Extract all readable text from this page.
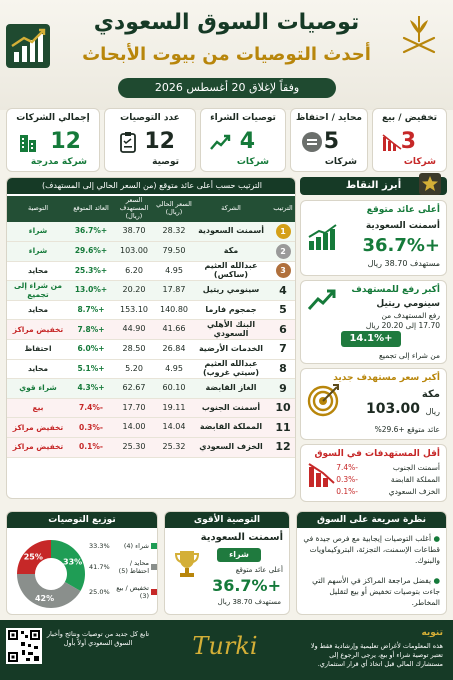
توصيات السوق السعودي
أحدث التوصيات من بيوت الأبحاث
وفقاً لإغلاق 20 أغسطس 2026
تخفيض / بيع
3
شركات
محايد / احتفاظ
5
شركات
توصيات الشراء
4
شركات
عدد التوصيات
12
توصية
إجمالي الشركات
12
شركة مدرجة
الترتيب حسب أعلى عائد متوقع (من السعر الحالي إلى المستهدف)
الترتيب	الشركة	السعر الحالي (ريال)	السعر المستهدف (ريال)	العائد المتوقع	التوصية
1	أسمنت السعودية	28.32	38.70	+36.7%	شراء
2	مكة	79.50	103.00	+29.6%	شراء
3	عبدالله العثيم (ساكس)	4.95	6.20	+25.3%	محايد
4	سينومي ريتيل	17.87	20.20	+13.0%	من شراء إلى تجميع
5	جمجوم فارما	140.80	153.10	+8.7%	محايد
6	البنك الأهلي السعودي	41.66	44.90	+7.8%	تخفيض مراكز
7	الخدمات الأرضية	26.84	28.50	+6.0%	احتفاظ
8	عبدالله العثيم (سيتي غروب)	4.95	5.20	+5.1%	محايد
9	الغاز القابضة	60.10	62.67	+4.3%	شراء قوي
10	أسمنت الجنوب	19.11	17.70	-7.4%	بيع
11	المملكة القابضة	14.04	14.00	-0.3%	تخفيض مراكز
12	الخزف السعودي	25.32	25.30	-0.1%	تخفيض مراكز
أبرز النقاط
أعلى عائد متوقع
أسمنت السعودية
+36.7%
مستهدف 38.70 ريال
أكبر رفع للمستهدف
سينومي ريتيل
رفع المستهدف من
17.70 إلى 20.20 ريال
+14.1%
من شراء إلى تجميع
أكبر سعر مستهدف جديد
مكة
103.00 ريال
عائد متوقع +29.6%
أقل المستهدفات في السوق
أسمنت الجنوب
-7.4%
المملكة القابضة
-0.3%
الخزف السعودي
-0.1%
توزيع التوصيات
33%
42%
25%
شراء (4)
33.3%
محايد / احتفاظ (5)
41.7%
تخفيض / بيع (3)
25.0%
التوصية الأقوى
أسمنت السعودية
شراء
أعلى عائد متوقع
+36.7%
مستهدف 38.70 ريال
نظرة سريعة على السوق
● أغلب التوصيات إيجابية مع فرص جيدة في قطاعات الإسمنت، التجزئة، البتروكيماويات والبنوك.
● يفضل مراجعة المراكز في الأسهم التي جاءت بتوصيات تخفيض أو بيع لتقليل المخاطر.
تنويه
هذه المعلومات لأغراض تعليمية وإرشادية فقط ولا تعتبر توصية شراء أو بيع، يرجى الرجوع إلى مستشارك المالي قبل اتخاذ أي قرار استثماري.
Turki
تابع كل جديد من توصيات ونتائج وأخبار السوق السعودي أولاً بأول
